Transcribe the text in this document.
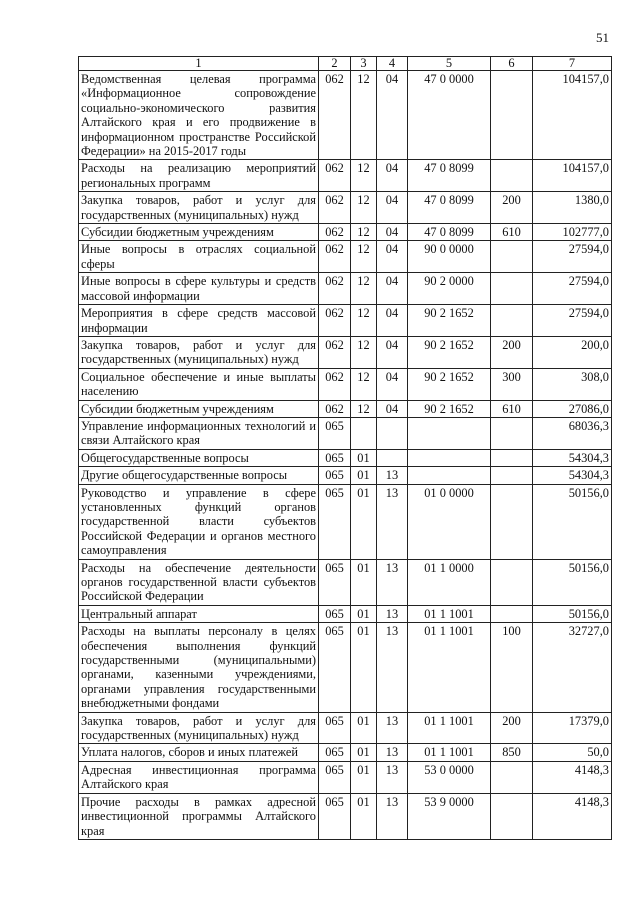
51
1	2	3	4	5	6	7
Ведомственная целевая программа «Информационное сопровождение социально-экономического развития Алтайского края и его продвижение в информационном пространстве Российской Федерации» на 2015-2017 годы	062	12	04	47 0 0000		104157,0
Расходы на реализацию мероприятий региональных программ	062	12	04	47 0 8099		104157,0
Закупка товаров, работ и услуг для государственных (муниципальных) нужд	062	12	04	47 0 8099	200	1380,0
Субсидии бюджетным учреждениям	062	12	04	47 0 8099	610	102777,0
Иные вопросы в отраслях социальной сферы	062	12	04	90 0 0000		27594,0
Иные вопросы в сфере культуры и средств массовой информации	062	12	04	90 2 0000		27594,0
Мероприятия в сфере средств массовой информации	062	12	04	90 2 1652		27594,0
Закупка товаров, работ и услуг для государственных (муниципальных) нужд	062	12	04	90 2 1652	200	200,0
Социальное обеспечение и иные выплаты населению	062	12	04	90 2 1652	300	308,0
Субсидии бюджетным учреждениям	062	12	04	90 2 1652	610	27086,0
Управление информационных технологий и связи Алтайского края	065					68036,3
Общегосударственные вопросы	065	01				54304,3
Другие общегосударственные вопросы	065	01	13			54304,3
Руководство и управление в сфере установленных функций органов государственной власти субъектов Российской Федерации и органов местного самоуправления	065	01	13	01 0 0000		50156,0
Расходы на обеспечение деятельности органов государственной власти субъектов Российской Федерации	065	01	13	01 1 0000		50156,0
Центральный аппарат	065	01	13	01 1 1001		50156,0
Расходы на выплаты персоналу в целях обеспечения выполнения функций государственными (муниципальными) органами, казенными учреждениями, органами управления государственными внебюджетными фондами	065	01	13	01 1 1001	100	32727,0
Закупка товаров, работ и услуг для государственных (муниципальных) нужд	065	01	13	01 1 1001	200	17379,0
Уплата налогов, сборов и иных платежей	065	01	13	01 1 1001	850	50,0
Адресная инвестиционная программа Алтайского края	065	01	13	53 0 0000		4148,3
Прочие расходы в рамках адресной инвестиционной программы Алтайского края	065	01	13	53 9 0000		4148,3
